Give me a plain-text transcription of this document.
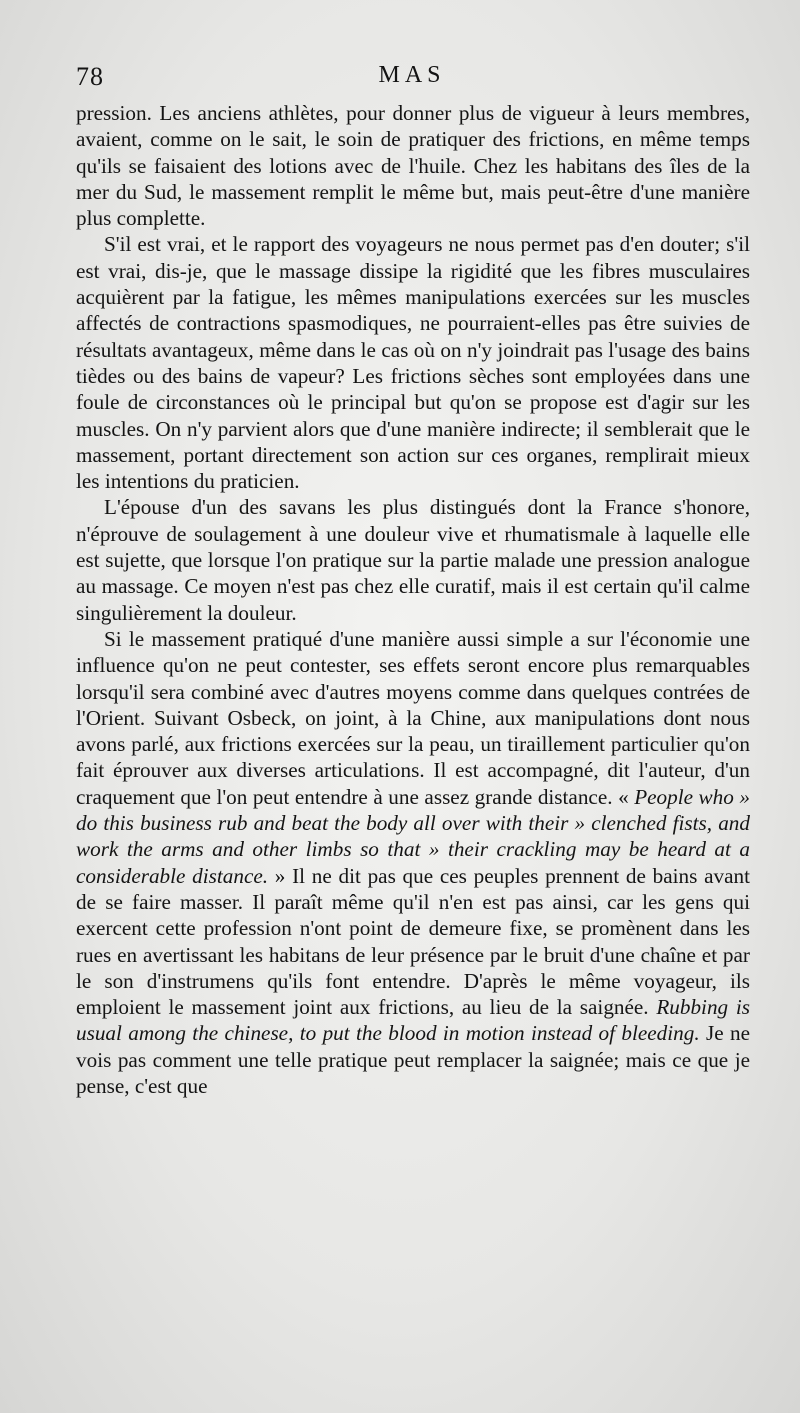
78	MAS

pression. Les anciens athlètes, pour donner plus de vigueur à leurs membres, avaient, comme on le sait, le soin de pratiquer des frictions, en même temps qu'ils se faisaient des lotions avec de l'huile. Chez les habitans des îles de la mer du Sud, le massement remplit le même but, mais peut-être d'une manière plus complette.

S'il est vrai, et le rapport des voyageurs ne nous permet pas d'en douter; s'il est vrai, dis-je, que le massage dissipe la rigidité que les fibres musculaires acquièrent par la fatigue, les mêmes manipulations exercées sur les muscles affectés de contractions spasmodiques, ne pourraient-elles pas être suivies de résultats avantageux, même dans le cas où on n'y joindrait pas l'usage des bains tièdes ou des bains de vapeur? Les frictions sèches sont employées dans une foule de circonstances où le principal but qu'on se propose est d'agir sur les muscles. On n'y parvient alors que d'une manière indirecte; il semblerait que le massement, portant directement son action sur ces organes, remplirait mieux les intentions du praticien.

L'épouse d'un des savans les plus distingués dont la France s'honore, n'éprouve de soulagement à une douleur vive et rhumatismale à laquelle elle est sujette, que lorsque l'on pratique sur la partie malade une pression analogue au massage. Ce moyen n'est pas chez elle curatif, mais il est certain qu'il calme singulièrement la douleur.

Si le massement pratiqué d'une manière aussi simple a sur l'économie une influence qu'on ne peut contester, ses effets seront encore plus remarquables lorsqu'il sera combiné avec d'autres moyens comme dans quelques contrées de l'Orient. Suivant Osbeck, on joint, à la Chine, aux manipulations dont nous avons parlé, aux frictions exercées sur la peau, un tiraillement particulier qu'on fait éprouver aux diverses articulations. Il est accompagné, dit l'auteur, d'un craquement que l'on peut entendre à une assez grande distance. « People who » do this business rub and beat the body all over with their » clenched fists, and work the arms and other limbs so that » their crackling may be heard at a considerable distance. » Il ne dit pas que ces peuples prennent de bains avant de se faire masser. Il paraît même qu'il n'en est pas ainsi, car les gens qui exercent cette profession n'ont point de demeure fixe, se promènent dans les rues en avertissant les habitans de leur présence par le bruit d'une chaîne et par le son d'instrumens qu'ils font entendre. D'après le même voyageur, ils emploient le massement joint aux frictions, au lieu de la saignée. Rubbing is usual among the chinese, to put the blood in motion instead of bleeding. Je ne vois pas comment une telle pratique peut remplacer la saignée; mais ce que je pense, c'est que
